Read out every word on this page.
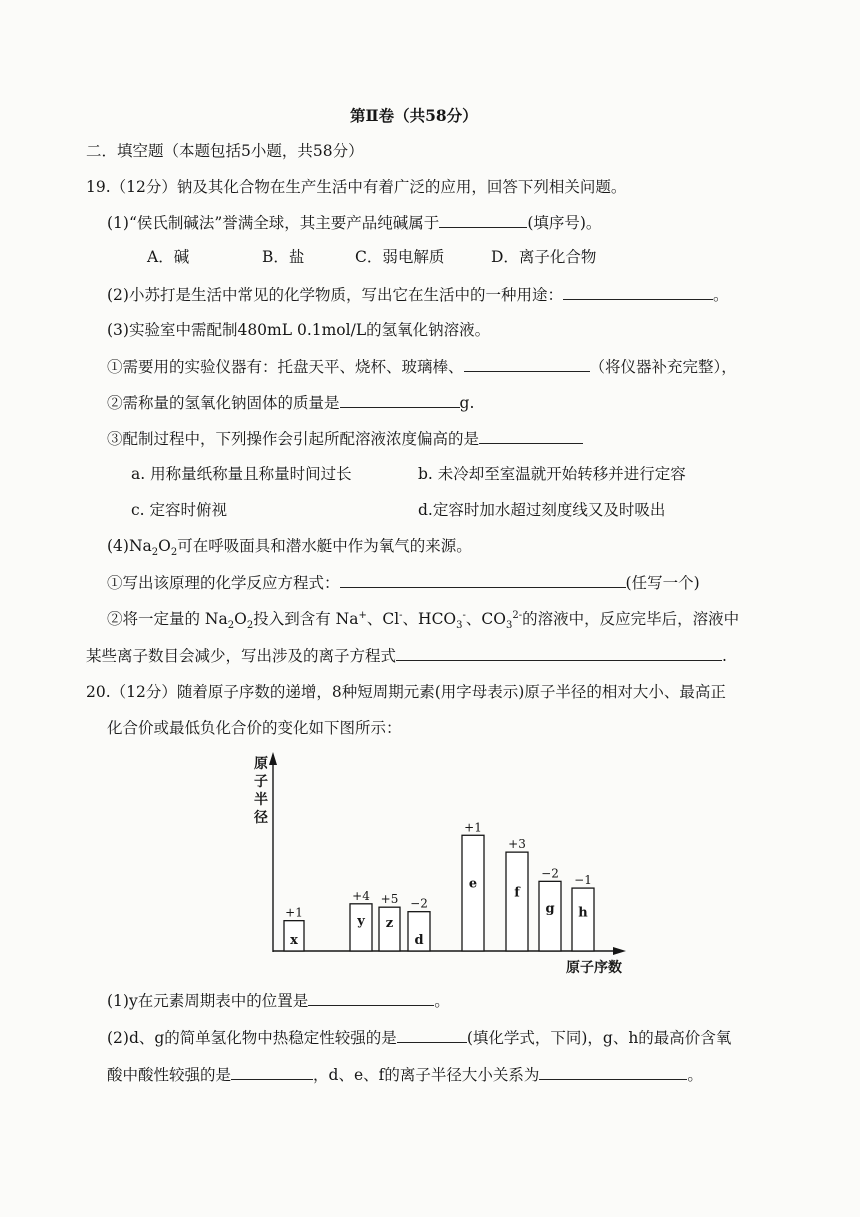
第Ⅱ卷（共58分）
二．填空题（本题包括5小题，共58分）
19.（12分）钠及其化合物在生产生活中有着广泛的应用，回答下列相关问题。
(1)“侯氏制碱法”誉满全球，其主要产品纯碱属于	(填序号)。
A．碱	B．盐	C．弱电解质	D．离子化合物
(2)小苏打是生活中常见的化学物质，写出它在生活中的一种用途：	。
(3)实验室中需配制480mL 0.1mol/L的氢氧化钠溶液。
①需要用的实验仪器有：托盘天平、烧杯、玻璃棒、	（将仪器补充完整），
②需称量的氢氧化钠固体的质量是	g.
③配制过程中，下列操作会引起所配溶液浓度偏高的是
a. 用称量纸称量且称量时间过长	b. 未冷却至室温就开始转移并进行定容
c. 定容时俯视	d.定容时加水超过刻度线又及时吸出
$(4)Na_2O_2$可在呼吸面具和潜水艇中作为氧气的来源。
①写出该原理的化学反应方程式：	(任写一个)
②将一定量的 $Na_2O_2$投入到含有 Na+、Cl-、$HCO_3^-$、$CO_3^{2-}$的溶液中，反应完毕后，溶液中
某些离子数目会减少，写出涉及的离子方程式	.
20.（12分）随着原子序数的递增，8种短周期元素(用字母表示)原子半径的相对大小、最高正
化合价或最低负化合价的变化如下图所示：
原
子
半
径
原子序数
x
+1
y
+4
z
+5
d
−2
e
+1
f
+3
g
−2
h
−1
(1)y在元素周期表中的位置是	。
(2)d、g的简单氢化物中热稳定性较强的是	(填化学式，下同)，g、h的最高价含氧
酸中酸性较强的是	，d、e、f的离子半径大小关系为	。
